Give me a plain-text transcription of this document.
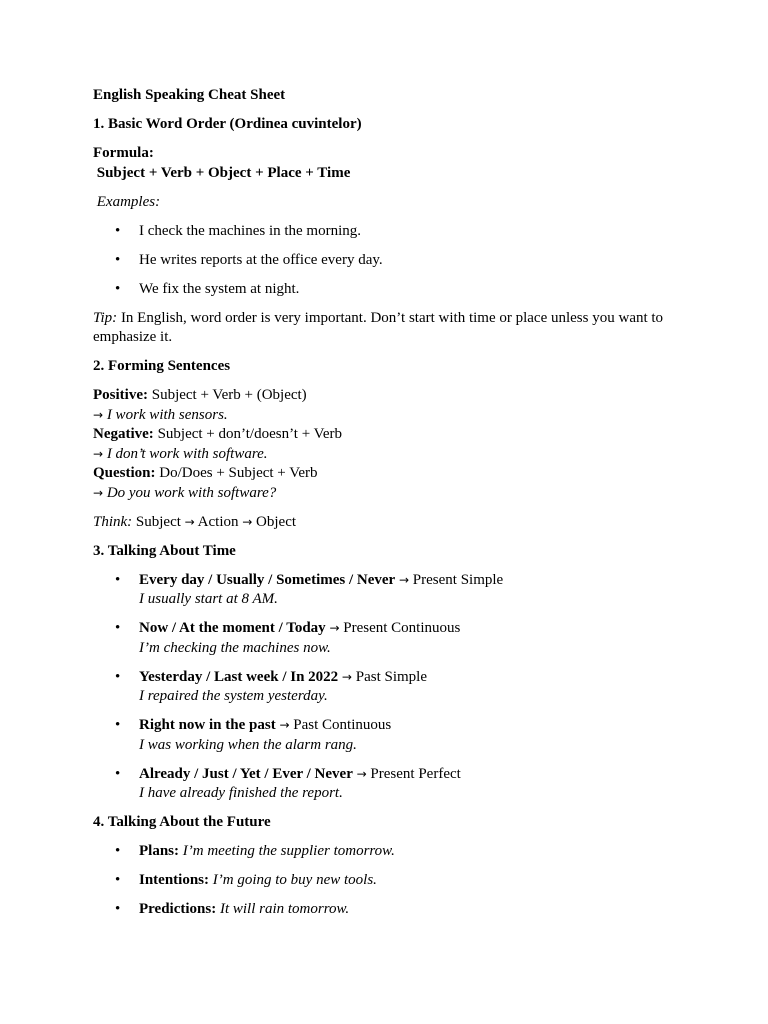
English Speaking Cheat Sheet

1. Basic Word Order (Ordinea cuvintelor)

Formula:
Subject + Verb + Object + Place + Time

Examples:

• I check the machines in the morning.
• He writes reports at the office every day.
• We fix the system at night.

Tip: In English, word order is very important. Don’t start with time or place unless you want to emphasize it.

2. Forming Sentences

Positive: Subject + Verb + (Object)
→ I work with sensors.
Negative: Subject + don’t/doesn’t + Verb
→ I don’t work with software.
Question: Do/Does + Subject + Verb
→ Do you work with software?

Think: Subject → Action → Object

3. Talking About Time

• Every day / Usually / Sometimes / Never → Present Simple
I usually start at 8 AM.
• Now / At the moment / Today → Present Continuous
I’m checking the machines now.
• Yesterday / Last week / In 2022 → Past Simple
I repaired the system yesterday.
• Right now in the past → Past Continuous
I was working when the alarm rang.
• Already / Just / Yet / Ever / Never → Present Perfect
I have already finished the report.

4. Talking About the Future

• Plans: I’m meeting the supplier tomorrow.
• Intentions: I’m going to buy new tools.
• Predictions: It will rain tomorrow.
